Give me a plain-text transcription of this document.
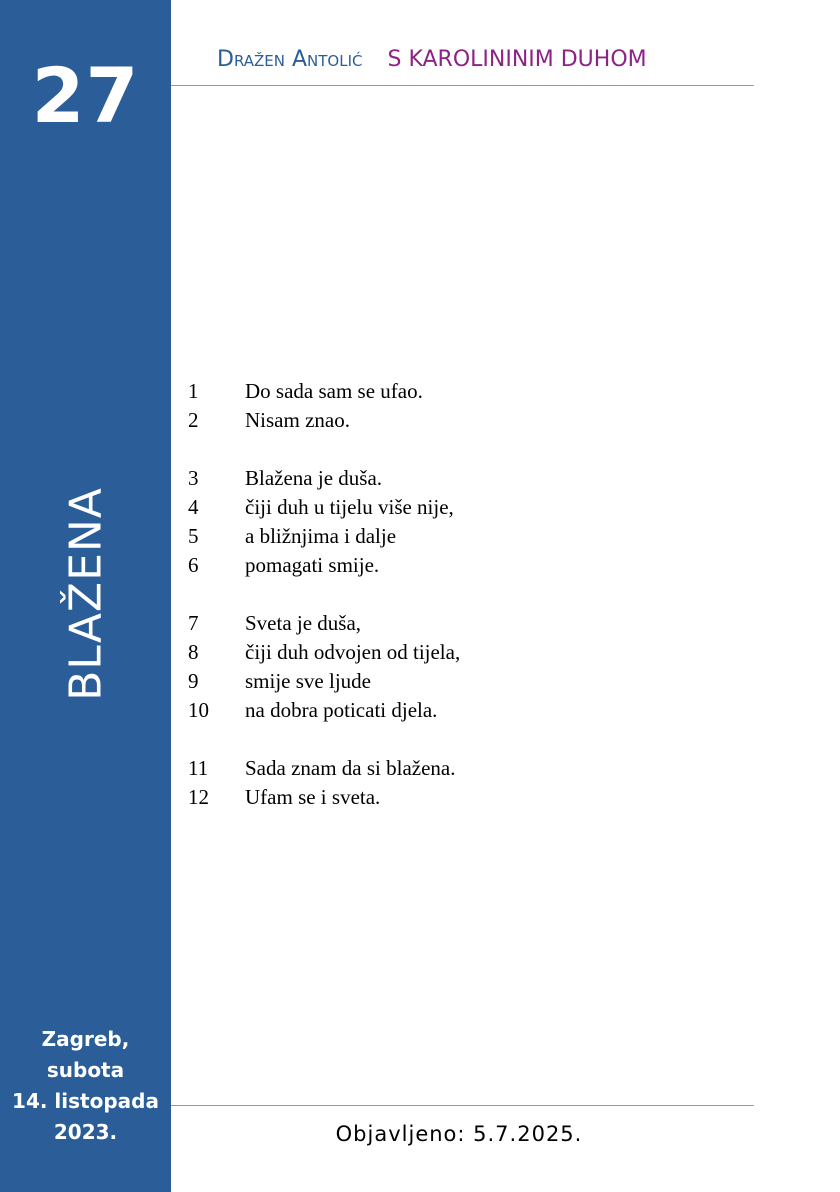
27
BLAŽENA
Zagreb,
subota
14. listopada
2023.
Dražen Antolić S KAROLININIM DUHOM
1 Do sada sam se ufao.
2 Nisam znao.
3 Blažena je duša.
4 čiji duh u tijelu više nije,
5 a bližnjima i dalje
6 pomagati smije.
7 Sveta je duša,
8 čiji duh odvojen od tijela,
9 smije sve ljude
10 na dobra poticati djela.
11 Sada znam da si blažena.
12 Ufam se i sveta.
Objavljeno: 5.7.2025.
